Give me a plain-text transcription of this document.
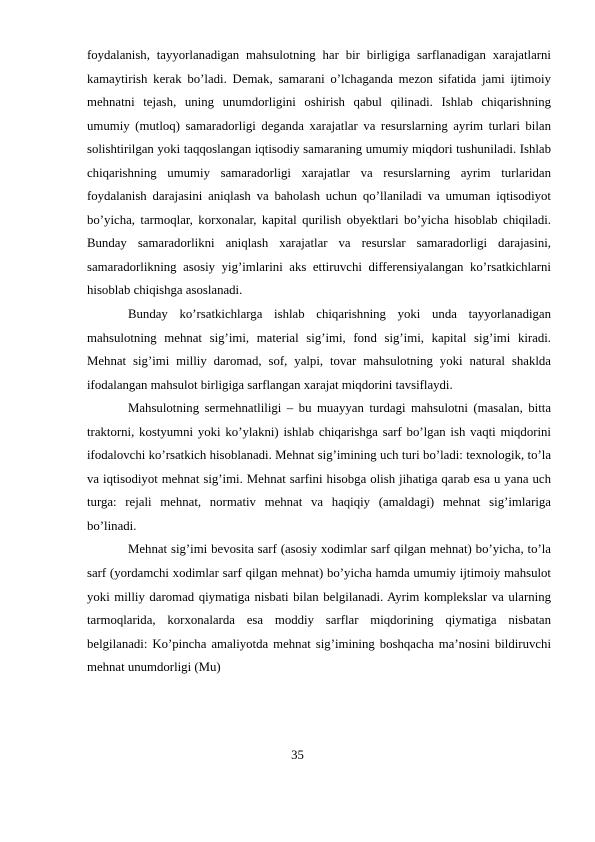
foydalanish, tayyorlanadigan mahsulotning har bir birligiga sarflanadigan xarajatlarni kamaytirish kerak bo’ladi. Demak, samarani o’lchaganda mezon sifatida jami ijtimoiy mehnatni tejash, uning unumdorligini oshirish qabul qilinadi. Ishlab chiqarishning umumiy (mutloq) samaradorligi deganda xarajatlar va resurslarning ayrim turlari bilan solishtirilgan yoki taqqoslangan iqtisodiy samaraning umumiy miqdori tushuniladi. Ishlab chiqarishning umumiy samaradorligi xarajatlar va resurslarning ayrim turlaridan foydalanish darajasini aniqlash va baholash uchun qo’llaniladi va umuman iqtisodiyot bo’yicha, tarmoqlar, korxonalar, kapital qurilish obyektlari bo’yicha hisoblab chiqiladi. Bunday samaradorlikni aniqlash xarajatlar va resurslar samaradorligi darajasini, samaradorlikning asosiy yig’imlarini aks ettiruvchi differensiyalangan ko’rsatkichlarni hisoblab chiqishga asoslanadi.

Bunday ko’rsatkichlarga ishlab chiqarishning yoki unda tayyorlanadigan mahsulotning mehnat sig’imi, material sig’imi, fond sig’imi, kapital sig’imi kiradi. Mehnat sig’imi milliy daromad, sof, yalpi, tovar mahsulotning yoki natural shaklda ifodalangan mahsulot birligiga sarflangan xarajat miqdorini tavsiflaydi.

Mahsulotning sermehnatliligi – bu muayyan turdagi mahsulotni (masalan, bitta traktorni, kostyumni yoki ko’ylakni) ishlab chiqarishga sarf bo’lgan ish vaqti miqdorini ifodalovchi ko’rsatkich hisoblanadi. Mehnat sig’imining uch turi bo’ladi: texnologik, to’la va iqtisodiyot mehnat sig’imi. Mehnat sarfini hisobga olish jihatiga qarab esa u yana uch turga: rejali mehnat, normativ mehnat va haqiqiy (amaldagi) mehnat sig’imlariga bo’linadi.

Mehnat sig’imi bevosita sarf (asosiy xodimlar sarf qilgan mehnat) bo’yicha, to’la sarf (yordamchi xodimlar sarf qilgan mehnat) bo’yicha hamda umumiy ijtimoiy mahsulot yoki milliy daromad qiymatiga nisbati bilan belgilanadi. Ayrim komplekslar va ularning tarmoqlarida, korxonalarda esa moddiy sarflar miqdorining qiymatiga nisbatan belgilanadi: Ko’pincha amaliyotda mehnat sig’imining boshqacha ma’nosini bildiruvchi mehnat unumdorligi (Mu)

35
